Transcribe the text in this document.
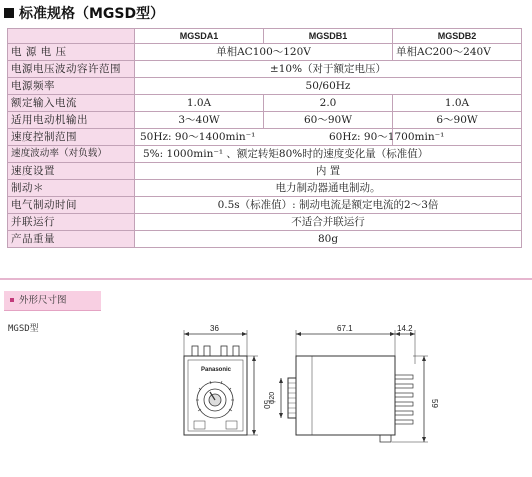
标准规格（MGSD型）
	MGSDA1	MGSDB1	MGSDB2
电 源 电 压	单相AC100～120V		单相AC200～240V
电源电压波动容许范围	±10%（对于额定电压）		
电源频率	50/60Hz		
额定输入电流	1.0A	2.0	1.0A
适用电动机输出	3～40W	60～90W	6～90W
速度控制范围	50Hz: 90～1400min⁻¹ 60Hz: 90～1700min⁻¹		

速度波动率（对负载）	5%: 1000min⁻¹ 、额定转矩80%时的速度变化量（标准值）		
速度设置	内 置		
制动＊	电力制动器通电制动。		
电气制动时间	0.5s（标准值）: 制动电流是额定电流的2～3倍		
并联运行	不适合并联运行		
产品重量	80g		
外形尺寸图
MGSD型	36
Panasonic
50
67.1	14.2
φ20	59
